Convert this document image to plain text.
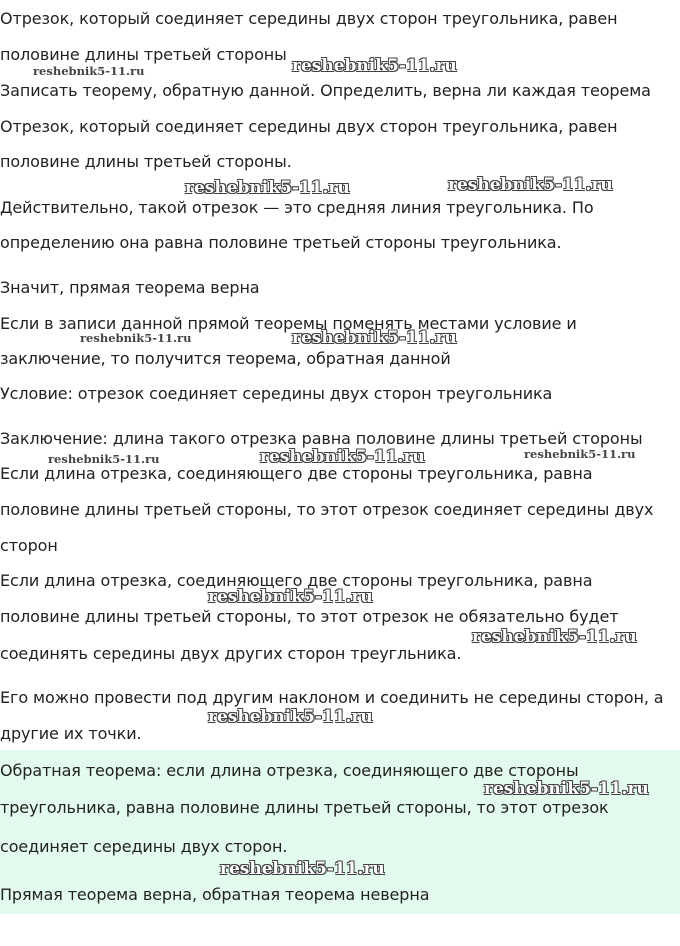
Отрезок, который соединяет середины двух сторон треугольника, равен
половине длины третьей стороны
Записать теорему, обратную данной. Определить, верна ли каждая теорема
Отрезок, который соединяет середины двух сторон треугольника, равен
половине длины третьей стороны.
Действительно, такой отрезок — это средняя линия треугольника. По
определению она равна половине третьей стороны треугольника.
Значит, прямая теорема верна
Если в записи данной прямой теоремы поменять местами условие и
заключение, то получится теорема, обратная данной
Условие: отрезок соединяет середины двух сторон треугольника
Заключение: длина такого отрезка равна половине длины третьей стороны
Если длина отрезка, соединяющего две стороны треугольника, равна
половине длины третьей стороны, то этот отрезок соединяет середины двух
сторон
Если длина отрезка, соединяющего две стороны треугольника, равна
половине длины третьей стороны, то этот отрезок не обязательно будет
соединять середины двух других сторон треугльника.
Его можно провести под другим наклоном и соединить не середины сторон, а
другие их точки.
Обратная теорема: если длина отрезка, соединяющего две стороны
треугольника, равна половине длины третьей стороны, то этот отрезок
соединяет середины двух сторон.
Прямая теорема верна, обратная теорема неверна
reshebnik5-11.ru	reshebnik5-11.ru
reshebnik5-11.ru	reshebnik5-11.ru
reshebnik5-11.ru	reshebnik5-11.ru
reshebnik5-11.ru	reshebnik5-11.ru	reshebnik5-11.ru
reshebnik5-11.ru
reshebnik5-11.ru
reshebnik5-11.ru
reshebnik5-11.ru
reshebnik5-11.ru
